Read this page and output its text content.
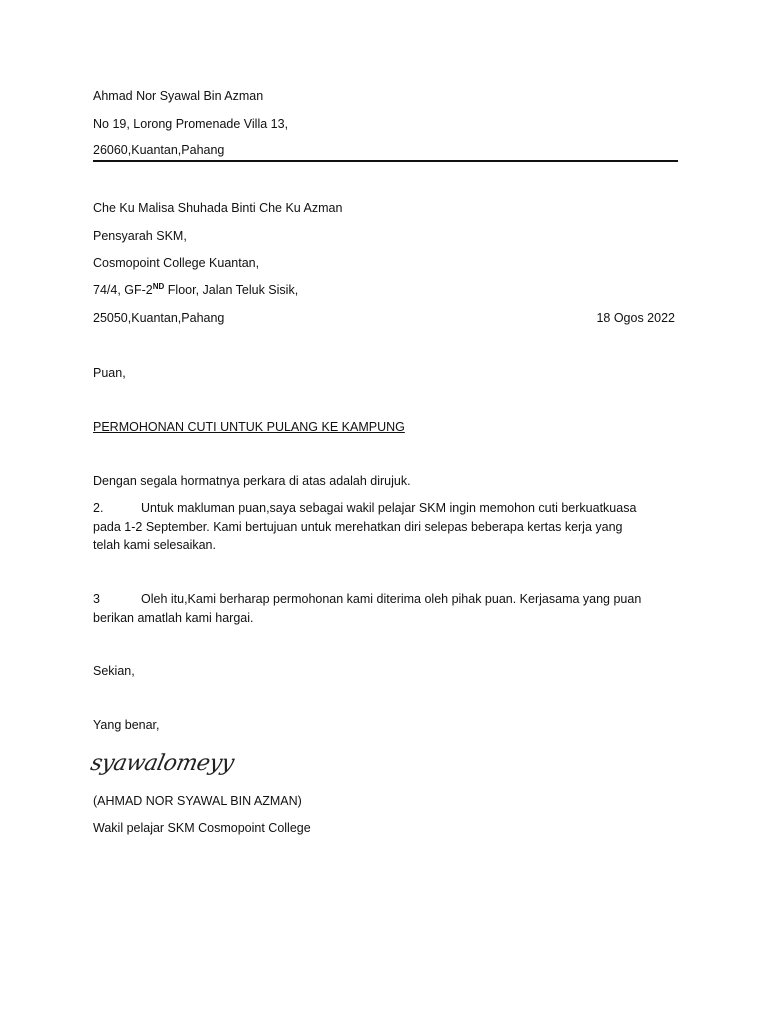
Ahmad Nor Syawal Bin Azman
No 19, Lorong Promenade Villa 13,
26060,Kuantan,Pahang
Che Ku Malisa Shuhada Binti Che Ku Azman
Pensyarah SKM,
Cosmopoint College Kuantan,
74/4, GF-2ND Floor, Jalan Teluk Sisik,
25050,Kuantan,Pahang	18 Ogos 2022
Puan,
PERMOHONAN CUTI UNTUK PULANG KE KAMPUNG
Dengan segala hormatnya perkara di atas adalah dirujuk.
2.	Untuk makluman puan,saya sebagai wakil pelajar SKM ingin memohon cuti berkuatkuasa
pada 1-2 September. Kami bertujuan untuk merehatkan diri selepas beberapa kertas kerja yang
telah kami selesaikan.
3	Oleh itu,Kami berharap permohonan kami diterima oleh pihak puan. Kerjasama yang puan
berikan amatlah kami hargai.
Sekian,
Yang benar,
syawalomeyy
(AHMAD NOR SYAWAL BIN AZMAN)
Wakil pelajar SKM Cosmopoint College
